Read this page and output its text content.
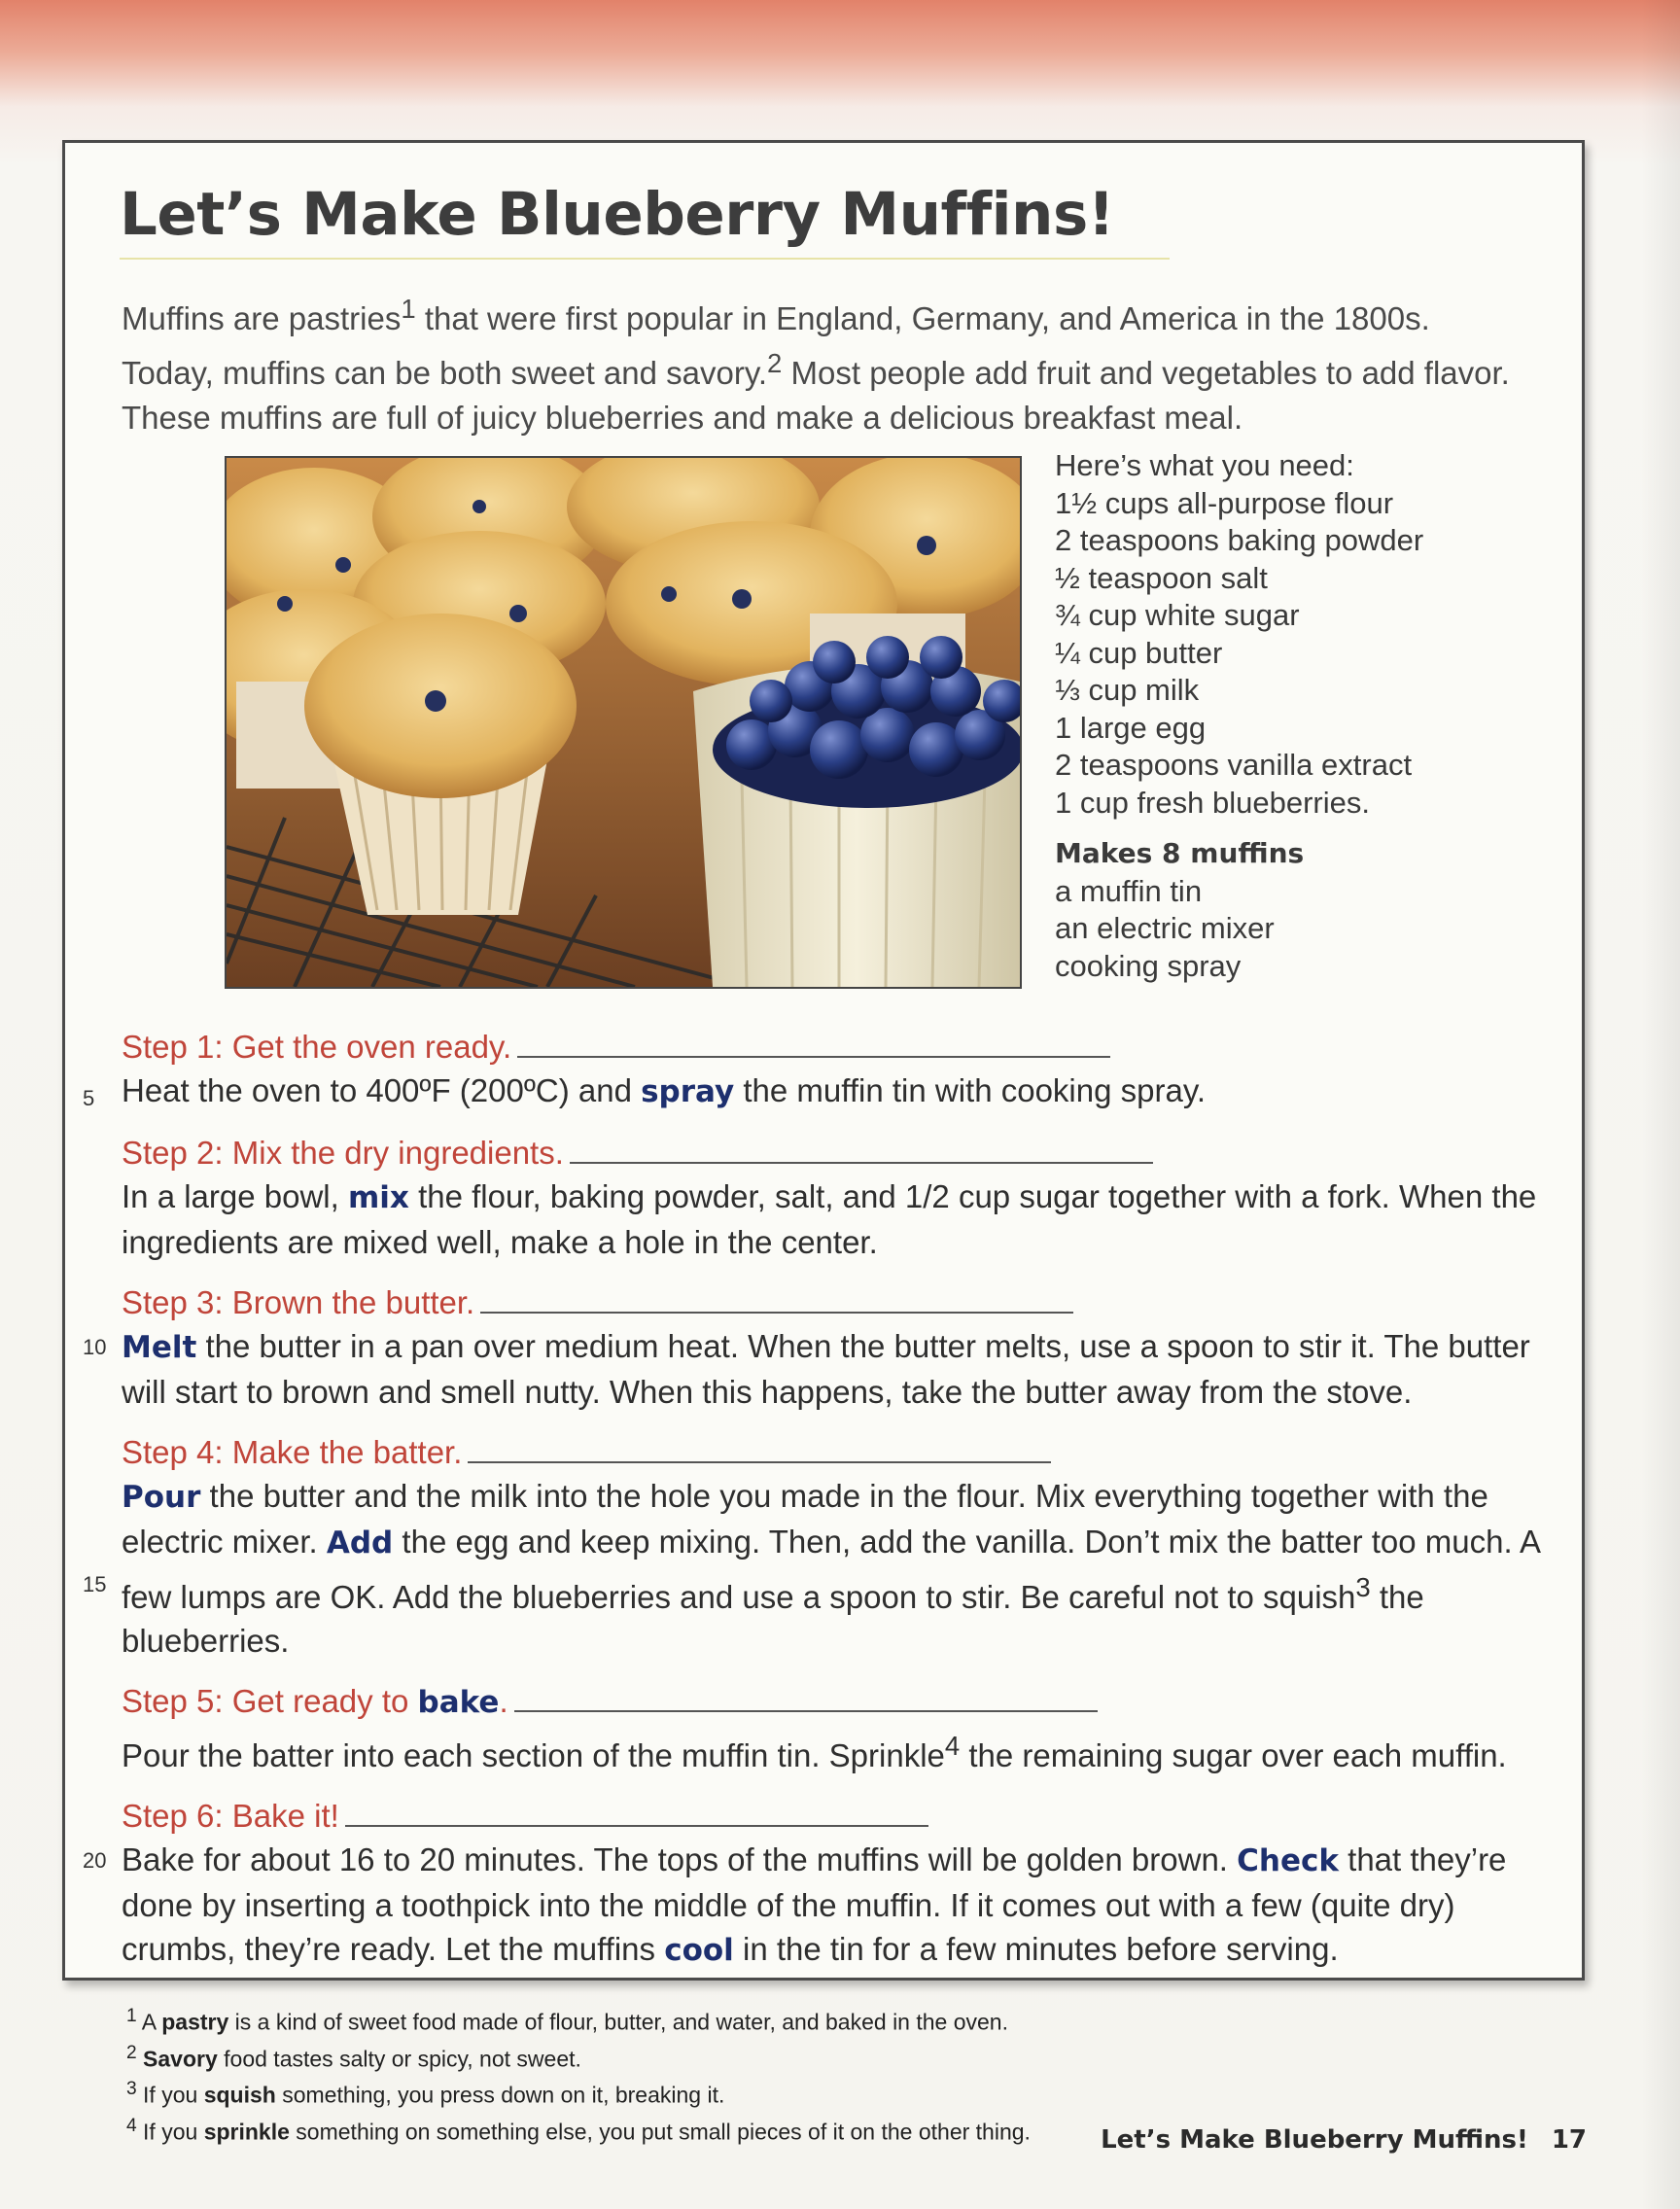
Let’s Make Blueberry Muffins!

Muffins are pastries$^1$ that were first popular in England, Germany, and America in the 1800s. Today, muffins can be both sweet and savory.$^2$ Most people add fruit and vegetables to add flavor. These muffins are full of juicy blueberries and make a delicious breakfast meal.

Here’s what you need:
1½ cups all-purpose flour
2 teaspoons baking powder
½ teaspoon salt
¾ cup white sugar
¼ cup butter
⅓ cup milk
1 large egg
2 teaspoons vanilla extract
1 cup fresh blueberries.
Makes 8 muffins
a muffin tin
an electric mixer
cooking spray
Step 1: Get the oven ready.
5 Heat the oven to 400ºF (200ºC) and spray the muffin tin with cooking spray.
Step 2: Mix the dry ingredients.
In a large bowl, mix the flour, baking powder, salt, and 1/2 cup sugar together with a fork. When the ingredients are mixed well, make a hole in the center.
Step 3: Brown the butter.
10 Melt the butter in a pan over medium heat. When the butter melts, use a spoon to stir it. The butter will start to brown and smell nutty. When this happens, take the butter away from the stove.
Step 4: Make the batter.
15
Pour the butter and the milk into the hole you made in the flour. Mix everything together with the electric mixer. Add the egg and keep mixing. Then, add the vanilla. Don’t mix the batter too much. A few lumps are OK. Add the blueberries and use a spoon to stir. Be careful not to squish$^3$ the blueberries.
Step 5: Get ready to bake.
Pour the batter into each section of the muffin tin. Sprinkle$^4$ the remaining sugar over each muffin.
Step 6: Bake it!
20 Bake for about 16 to 20 minutes. The tops of the muffins will be golden brown. Check that they’re done by inserting a toothpick into the middle of the muffin. If it comes out with a few (quite dry) crumbs, they’re ready. Let the muffins cool in the tin for a few minutes before serving.
$^1$ A pastry is a kind of sweet food made of flour, butter, and water, and baked in the oven.
$^2$ Savory food tastes salty or spicy, not sweet.
$^3$ If you squish something, you press down on it, breaking it.
$^4$ If you sprinkle something on something else, you put small pieces of it on the other thing.	Let’s Make Blueberry Muffins! 17
